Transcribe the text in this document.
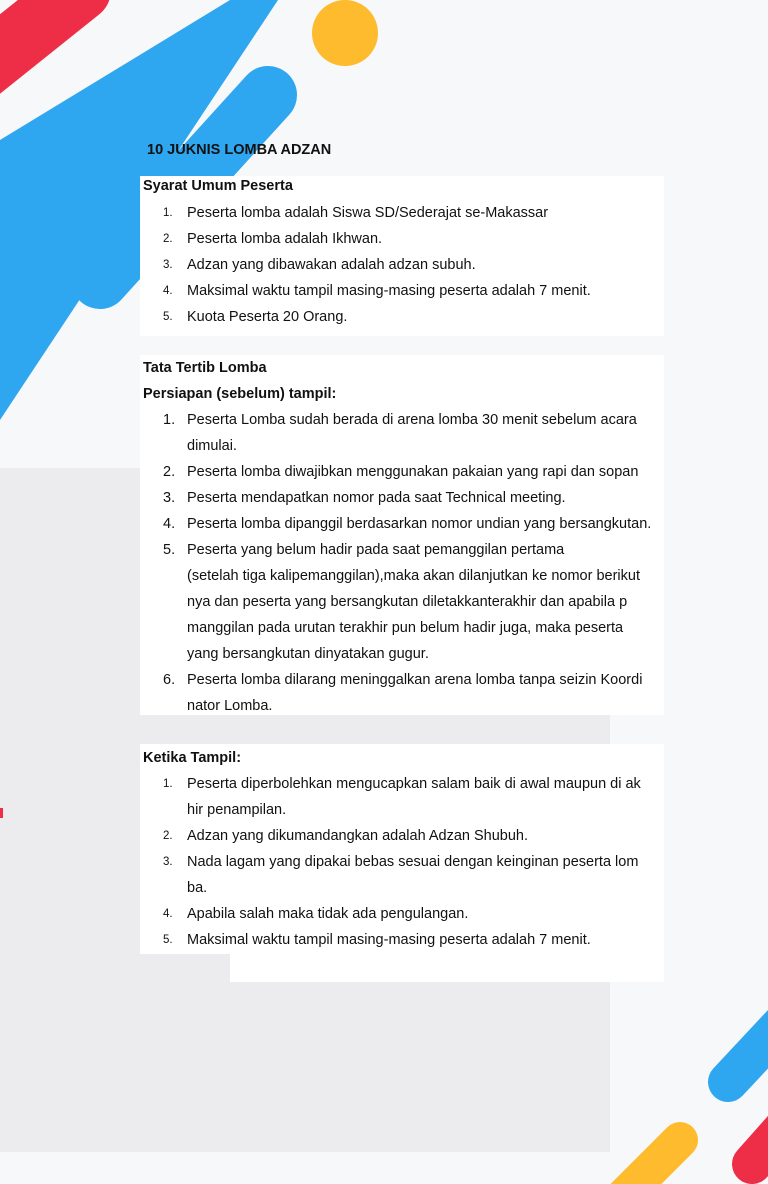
10 JUKNIS LOMBA ADZAN
Syarat Umum Peserta
1. Peserta lomba adalah Siswa SD/Sederajat se-Makassar
2. Peserta lomba adalah Ikhwan.
3. Adzan yang dibawakan adalah adzan subuh.
4. Maksimal waktu tampil masing-masing peserta adalah 7 menit.
5. Kuota Peserta 20 Orang.
Tata Tertib Lomba
Persiapan (sebelum) tampil:
1. Peserta Lomba sudah berada di arena lomba 30 menit sebelum acara
dimulai.
2. Peserta lomba diwajibkan menggunakan pakaian yang rapi dan sopan
3. Peserta mendapatkan nomor pada saat Technical meeting.
4. Peserta lomba dipanggil berdasarkan nomor undian yang bersangkutan.
5. Peserta yang belum hadir pada saat pemanggilan pertama
(setelah tiga kalipemanggilan),maka akan dilanjutkan ke nomor berikut
nya dan peserta yang bersangkutan diletakkanterakhir dan apabila p
manggilan pada urutan terakhir pun belum hadir juga, maka peserta
yang bersangkutan dinyatakan gugur.
6. Peserta lomba dilarang meninggalkan arena lomba tanpa seizin Koordi
nator Lomba.
Ketika Tampil:
1. Peserta diperbolehkan mengucapkan salam baik di awal maupun di ak
hir penampilan.
2. Adzan yang dikumandangkan adalah Adzan Shubuh.
3. Nada lagam yang dipakai bebas sesuai dengan keinginan peserta lom
ba.
4. Apabila salah maka tidak ada pengulangan.
5. Maksimal waktu tampil masing-masing peserta adalah 7 menit.
